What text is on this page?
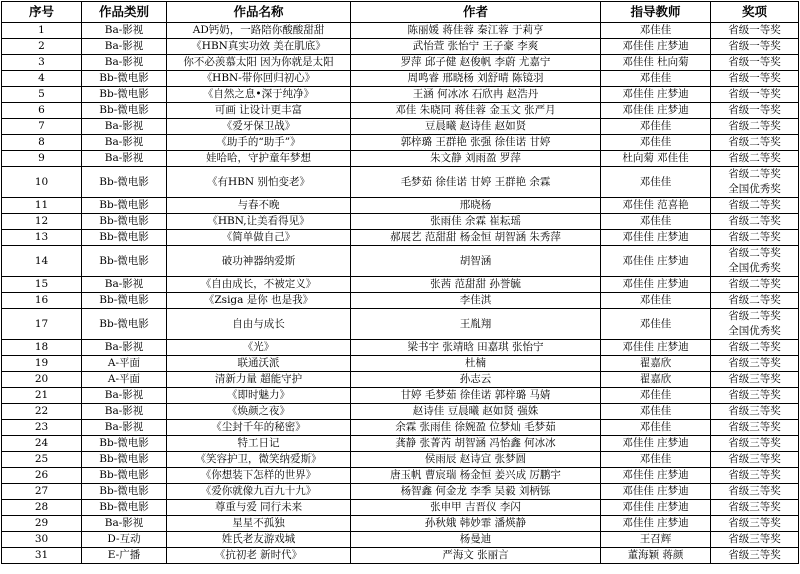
序号	作品类别	作品名称	作者	指导教师	奖项
1	Ba-影视	AD钙奶，一路陪你酸酸甜甜	陈丽媛 蒋佳蓉 秦江蓉 于莉亨	邓佳佳	省级一等奖

2	Ba-影视	《HBN真实功效 美在肌底》	武怡萱 张怡宁 王子豪 李爽	邓佳佳 庄梦迪	省级一等奖

3	Ba-影视	你不必羡慕太阳 因为你就是太阳	罗萍 邱子健 赵俊帆 李蔚 尤嘉宁	邓佳佳 杜向菊	省级一等奖

4	Bb-微电影	《HBN-带你回归初心》	周鸣睿 邢晓杨 刘舒晴 陈镜羽	邓佳佳	省级一等奖

5	Bb-微电影	《自然之息•深于纯净》	王涵 何冰冰 石欣冉 赵浩丹	邓佳佳 庄梦迪	省级一等奖

6	Bb-微电影	可画 让设计更丰富	邓佳 朱晓同 蒋佳蓉 金玉文 张严月	邓佳佳 庄梦迪	省级一等奖

7	Ba-影视	《爱牙保卫战》	豆晨曦 赵诗佳 赵如贤	邓佳佳	省级二等奖

8	Ba-影视	《助手的“助手”》	郭梓璐 王群艳 张强 徐佳诺 甘婷	邓佳佳	省级二等奖

9	Ba-影视	娃哈哈，守护童年梦想	朱文静 刘雨盈 罗萍	杜向菊 邓佳佳	省级二等奖

10	Bb-微电影	《有HBN 别怕变老》	毛梦茹 徐佳诺 甘婷 王群艳 余霖	邓佳佳	省级二等奖
全国优秀奖

11	Bb-微电影	与春不晚	邢晓杨	邓佳佳 范喜艳	省级二等奖

12	Bb-微电影	《HBN,让美看得见》	张雨佳 余霖 崔耘瑶	邓佳佳	省级二等奖

13	Bb-微电影	《简单做自己》	郝展艺 范甜甜 杨金恒 胡智涵 朱秀萍	邓佳佳 庄梦迪	省级二等奖

14	Bb-微电影	破功神器纳爱斯	胡智涵	邓佳佳 庄梦迪	省级二等奖
全国优秀奖

15	Ba-影视	《自由成长，不被定义》	张茜 范甜甜 孙誉毓	邓佳佳 庄梦迪	省级二等奖

16	Bb-微电影	《Zsiga 是你 也是我》	李佳淇	邓佳佳	省级二等奖

17	Bb-微电影	自由与成长	王胤翔	邓佳佳	省级二等奖
全国优秀奖

18	Ba-影视	《光》	梁书宇 张靖晗 田嘉琪 张怡宁	邓佳佳 庄梦迪	省级二等奖

19	A-平面	联通沃派	杜楠	翟嘉欣	省级三等奖

20	A-平面	清新力量 超能守护	孙志云	翟嘉欣	省级三等奖

21	Ba-影视	《即时魅力》	甘婷 毛梦茹 徐佳诺 郭梓璐 马婧	邓佳佳	省级三等奖

22	Ba-影视	《焕颜之夜》	赵诗佳 豆晨曦 赵如贤 强姝	邓佳佳	省级三等奖

23	Ba-影视	《尘封千年的秘密》	余霖 张雨佳 徐婉盈 位梦灿 毛梦茹	邓佳佳	省级三等奖

24	Bb-微电影	特工日记	龚静 张菁芮 胡智涵 冯怡鑫 何冰冰	邓佳佳 庄梦迪	省级三等奖

25	Bb-微电影	《笑容护卫，微笑纳爱斯》	侯雨辰 赵诗宣 张梦圆	邓佳佳	省级三等奖

26	Bb-微电影	《你想装下怎样的世界》	唐玉帆 曹宸瑞 杨金恒 姜兴成 厉鹏宇	邓佳佳 庄梦迪	省级三等奖

27	Bb-微电影	《爱你就像九百九十九》	杨智鑫 何金龙 李季 吴毅 刘柄铄	邓佳佳 庄梦迪	省级三等奖

28	Bb-微电影	尊重与爱 同行未来	张申甲 吉晋仪 李闪	邓佳佳 庄梦迪	省级三等奖

29	Ba-影视	星星不孤独	孙秋娥 韩妙霏 潘煐静	邓佳佳 庄梦迪	省级三等奖

30	D-互动	姓氏老友游戏城	杨曼迪	王召辉	省级三等奖

31	E-广播	《抗初老 新时代》	严海文 张丽言	董海颖 蒋颜	省级三等奖
